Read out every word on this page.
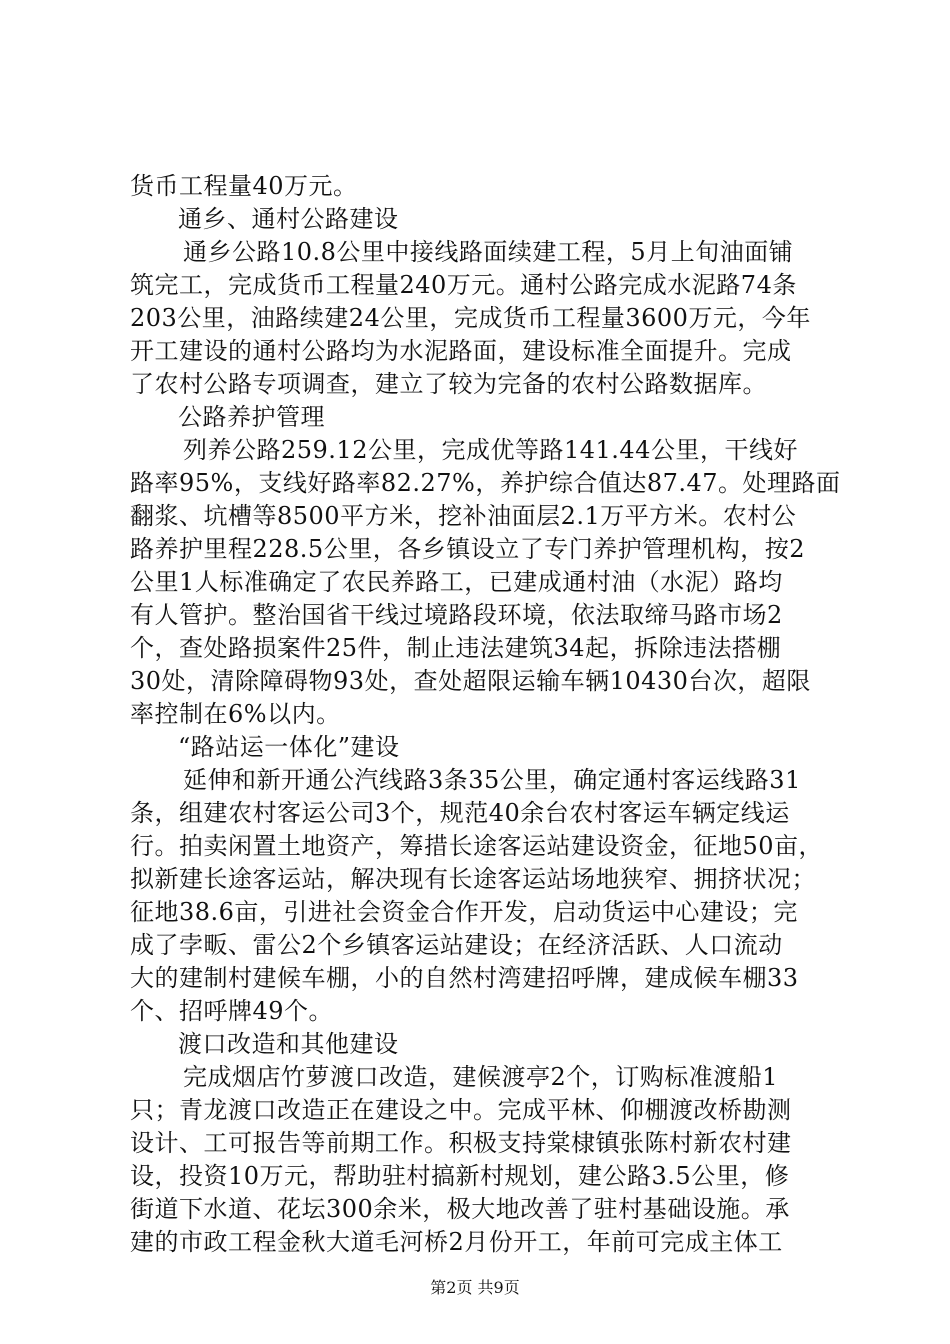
货币工程量40万元。
通乡、通村公路建设
通乡公路10.8公里中接线路面续建工程，5月上旬油面铺
筑完工，完成货币工程量240万元。通村公路完成水泥路74条
203公里，油路续建24公里，完成货币工程量3600万元，今年
开工建设的通村公路均为水泥路面，建设标准全面提升。完成
了农村公路专项调查，建立了较为完备的农村公路数据库。
公路养护管理
列养公路259.12公里，完成优等路141.44公里，干线好
路率95%，支线好路率82.27%，养护综合值达87.47。处理路面
翻浆、坑槽等8500平方米，挖补油面层2.1万平方米。农村公
路养护里程228.5公里，各乡镇设立了专门养护管理机构，按2
公里1人标准确定了农民养路工，已建成通村油（水泥）路均
有人管护。整治国省干线过境路段环境，依法取缔马路市场2
个，查处路损案件25件，制止违法建筑34起，拆除违法搭棚
30处，清除障碍物93处，查处超限运输车辆10430台次，超限
率控制在6%以内。
“路站运一体化”建设
延伸和新开通公汽线路3条35公里，确定通村客运线路31
条，组建农村客运公司3个，规范40余台农村客运车辆定线运
行。拍卖闲置土地资产，筹措长途客运站建设资金，征地50亩，
拟新建长途客运站，解决现有长途客运站场地狭窄、拥挤状况；
征地38.6亩，引进社会资金合作开发，启动货运中心建设；完
成了孛畈、雷公2个乡镇客运站建设；在经济活跃、人口流动
大的建制村建候车棚，小的自然村湾建招呼牌，建成候车棚33
个、招呼牌49个。
渡口改造和其他建设
完成烟店竹萝渡口改造，建候渡亭2个，订购标准渡船1
只；青龙渡口改造正在建设之中。完成平林、仰棚渡改桥勘测
设计、工可报告等前期工作。积极支持棠棣镇张陈村新农村建
设，投资10万元，帮助驻村搞新村规划，建公路3.5公里，修
街道下水道、花坛300余米，极大地改善了驻村基础设施。承
建的市政工程金秋大道毛河桥2月份开工，年前可完成主体工
第2页 共9页
